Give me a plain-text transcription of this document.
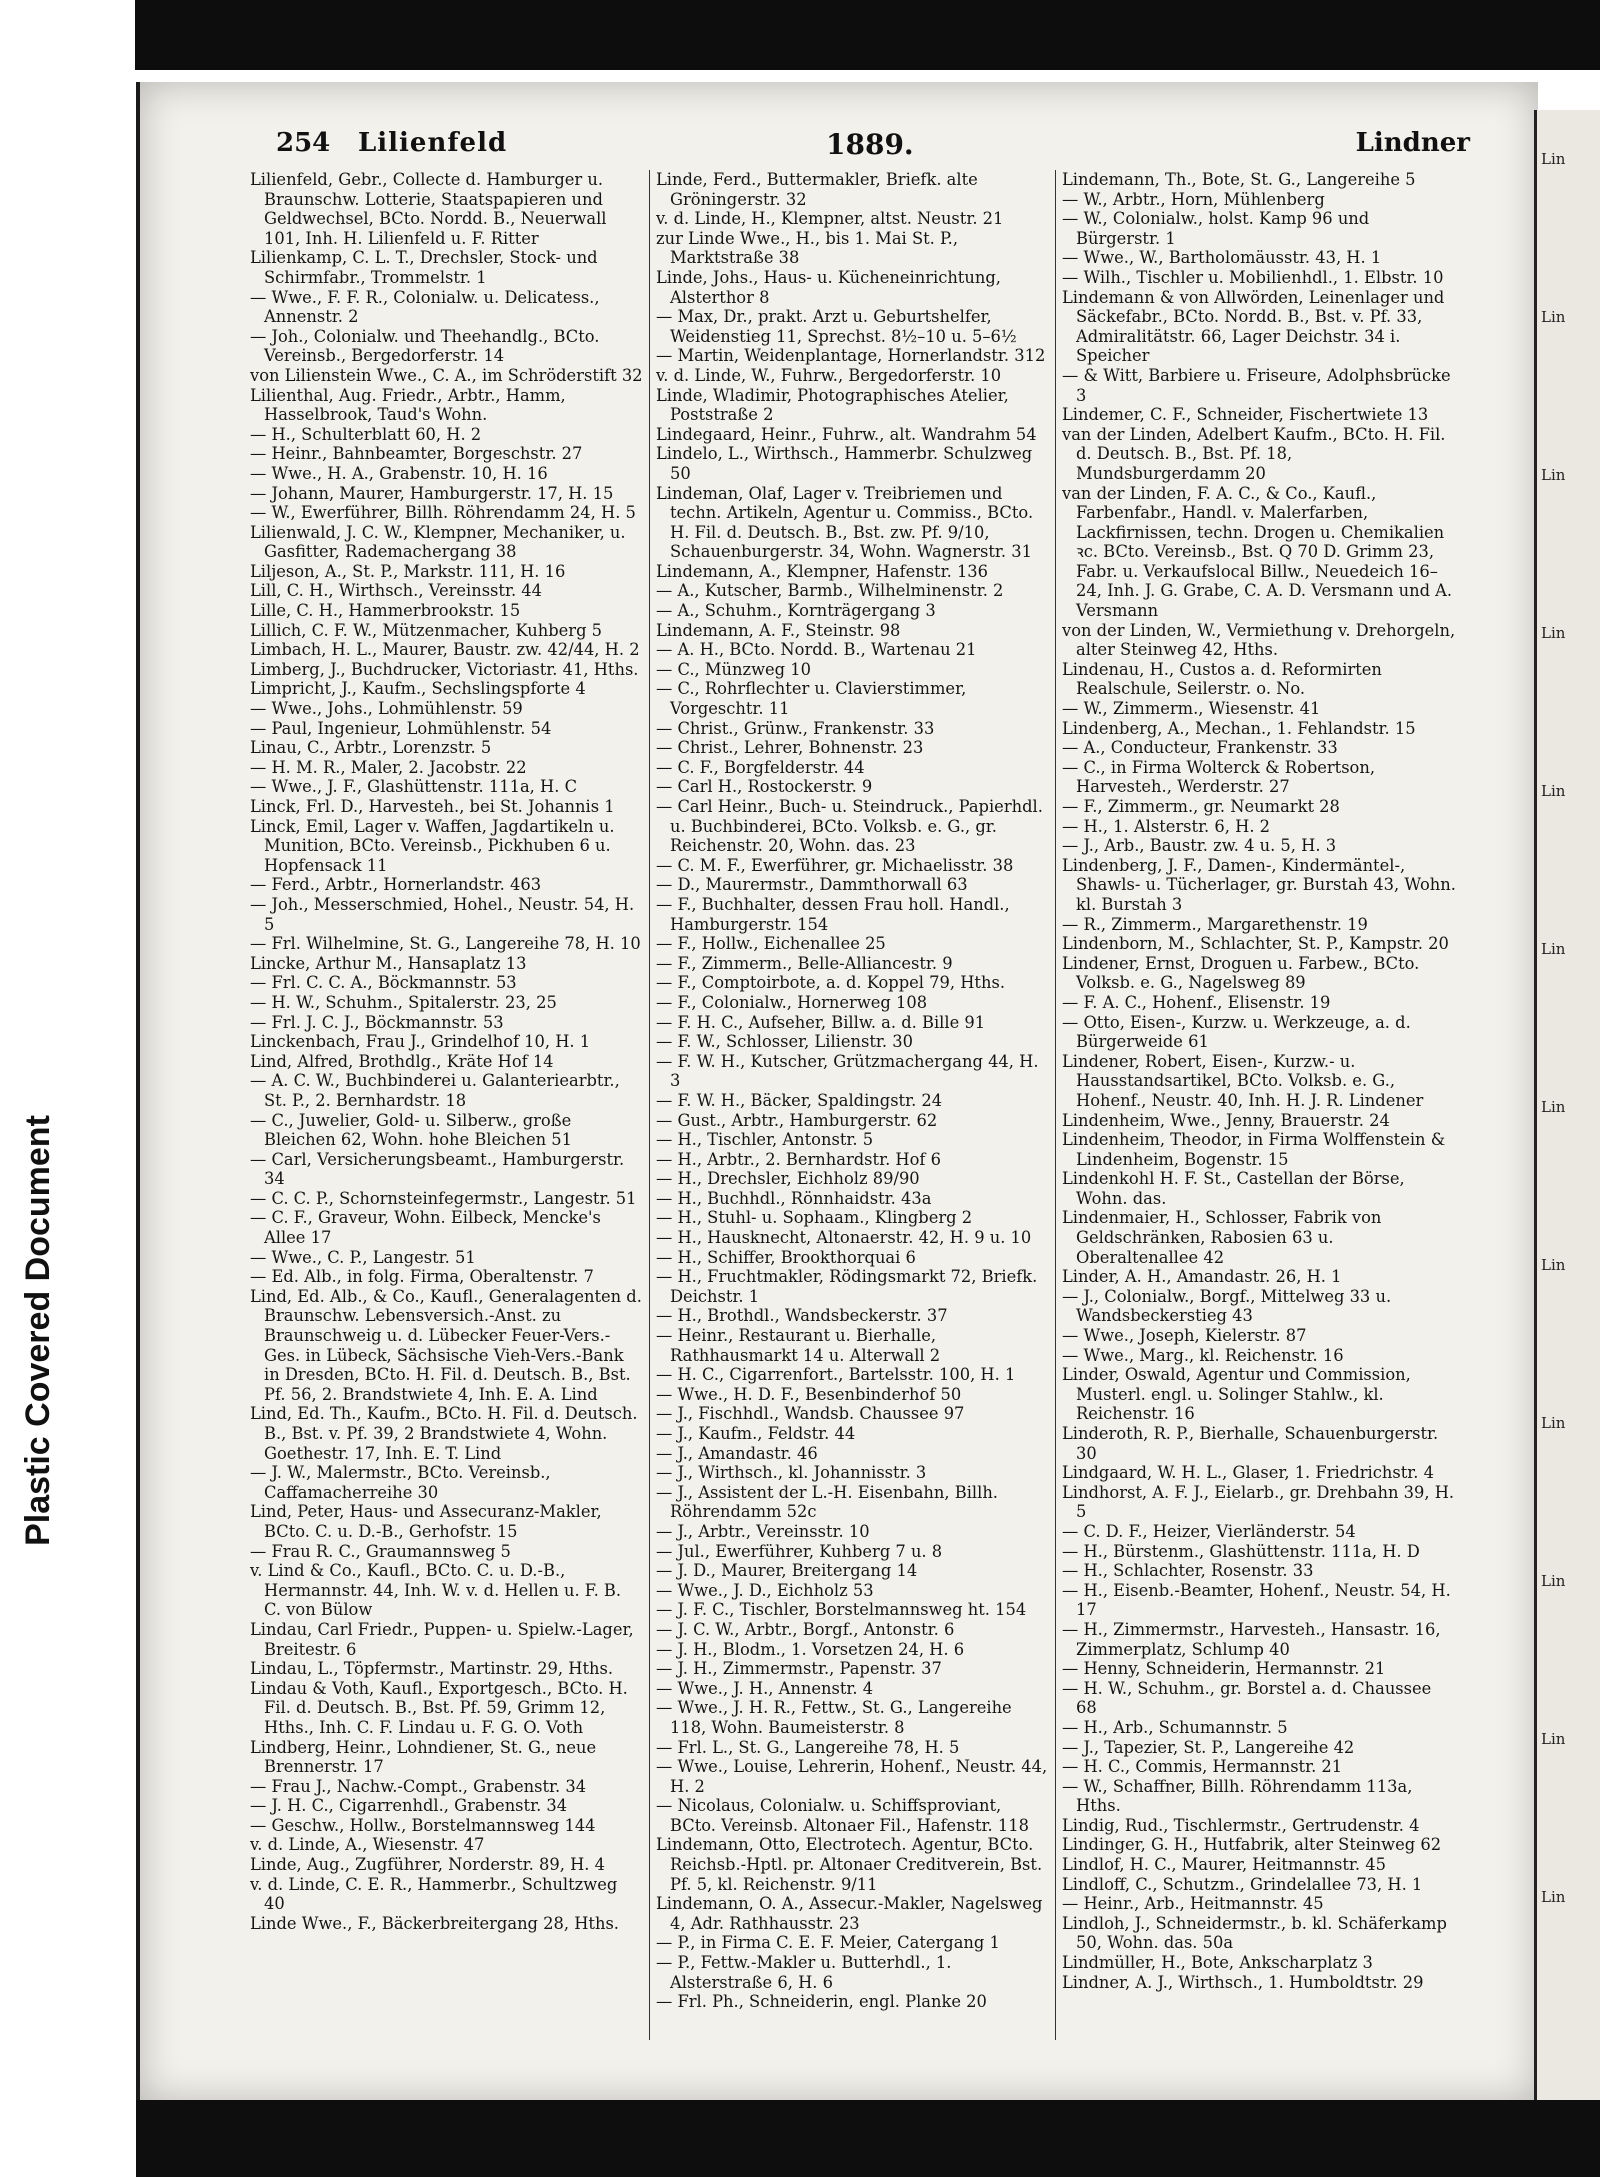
Plastic Covered Document
Lin
Lin
Lin
Lin
Lin
Lin
Lin
Lin
Lin
Lin
Lin
Lin
254 Lilienfeld	1889.	Lindner

Lilienfeld, Gebr., Collecte d. Hamburger u. Braunschw. Lotterie, Staatspapieren und Geldwechsel, BCto. Nordd. B., Neuerwall 101, Inh. H. Lilienfeld u. F. Ritter

Lilienkamp, C. L. T., Drechsler, Stock- und Schirmfabr., Trommelstr. 1

— Wwe., F. F. R., Colonialw. u. Delicatess., Annenstr. 2

— Joh., Colonialw. und Theehandlg., BCto. Vereinsb., Bergedorferstr. 14

von Lilienstein Wwe., C. A., im Schröderstift 32

Lilienthal, Aug. Friedr., Arbtr., Hamm, Hasselbrook, Taud's Wohn.

— H., Schulterblatt 60, H. 2

— Heinr., Bahnbeamter, Borgeschstr. 27

— Wwe., H. A., Grabenstr. 10, H. 16

— Johann, Maurer, Hamburgerstr. 17, H. 15

— W., Ewerführer, Billh. Röhrendamm 24, H. 5

Lilienwald, J. C. W., Klempner, Mechaniker, u. Gasfitter, Rademachergang 38

Liljeson, A., St. P., Markstr. 111, H. 16

Lill, C. H., Wirthsch., Vereinsstr. 44

Lille, C. H., Hammerbrookstr. 15

Lillich, C. F. W., Mützenmacher, Kuhberg 5

Limbach, H. L., Maurer, Baustr. zw. 42/44, H. 2

Limberg, J., Buchdrucker, Victoriastr. 41, Hths.

Limpricht, J., Kaufm., Sechslingspforte 4

— Wwe., Johs., Lohmühlenstr. 59

— Paul, Ingenieur, Lohmühlenstr. 54

Linau, C., Arbtr., Lorenzstr. 5

— H. M. R., Maler, 2. Jacobstr. 22

— Wwe., J. F., Glashüttenstr. 111a, H. C

Linck, Frl. D., Harvesteh., bei St. Johannis 1

Linck, Emil, Lager v. Waffen, Jagdartikeln u. Munition, BCto. Vereinsb., Pickhuben 6 u. Hopfensack 11

— Ferd., Arbtr., Hornerlandstr. 463

— Joh., Messerschmied, Hohel., Neustr. 54, H. 5

— Frl. Wilhelmine, St. G., Langereihe 78, H. 10

Lincke, Arthur M., Hansaplatz 13

— Frl. C. C. A., Böckmannstr. 53

— H. W., Schuhm., Spitalerstr. 23, 25

— Frl. J. C. J., Böckmannstr. 53

Linckenbach, Frau J., Grindelhof 10, H. 1

Lind, Alfred, Brothdlg., Kräte Hof 14

— A. C. W., Buchbinderei u. Galanteriearbtr., St. P., 2. Bernhardstr. 18

— C., Juwelier, Gold- u. Silberw., große Bleichen 62, Wohn. hohe Bleichen 51

— Carl, Versicherungsbeamt., Hamburgerstr. 34

— C. C. P., Schornsteinfegermstr., Langestr. 51

— C. F., Graveur, Wohn. Eilbeck, Mencke's Allee 17

— Wwe., C. P., Langestr. 51

— Ed. Alb., in folg. Firma, Oberaltenstr. 7

Lind, Ed. Alb., & Co., Kaufl., Generalagenten d. Braunschw. Lebensversich.-Anst. zu Braunschweig u. d. Lübecker Feuer-Vers.-Ges. in Lübeck, Sächsische Vieh-Vers.-Bank in Dresden, BCto. H. Fil. d. Deutsch. B., Bst. Pf. 56, 2. Brandstwiete 4, Inh. E. A. Lind

Lind, Ed. Th., Kaufm., BCto. H. Fil. d. Deutsch. B., Bst. v. Pf. 39, 2 Brandstwiete 4, Wohn. Goethestr. 17, Inh. E. T. Lind

— J. W., Malermstr., BCto. Vereinsb., Caffamacherreihe 30

Lind, Peter, Haus- und Assecuranz-Makler, BCto. C. u. D.-B., Gerhofstr. 15

— Frau R. C., Graumannsweg 5

v. Lind & Co., Kaufl., BCto. C. u. D.-B., Hermannstr. 44, Inh. W. v. d. Hellen u. F. B. C. von Bülow

Lindau, Carl Friedr., Puppen- u. Spielw.-Lager, Breitestr. 6

Lindau, L., Töpfermstr., Martinstr. 29, Hths.

Lindau & Voth, Kaufl., Exportgesch., BCto. H. Fil. d. Deutsch. B., Bst. Pf. 59, Grimm 12, Hths., Inh. C. F. Lindau u. F. G. O. Voth

Lindberg, Heinr., Lohndiener, St. G., neue Brennerstr. 17

— Frau J., Nachw.-Compt., Grabenstr. 34

— J. H. C., Cigarrenhdl., Grabenstr. 34

— Geschw., Hollw., Borstelmannsweg 144

v. d. Linde, A., Wiesenstr. 47

Linde, Aug., Zugführer, Norderstr. 89, H. 4

v. d. Linde, C. E. R., Hammerbr., Schultzweg 40

Linde Wwe., F., Bäckerbreitergang 28, Hths.

Linde, Ferd., Buttermakler, Briefk. alte Gröningerstr. 32

v. d. Linde, H., Klempner, altst. Neustr. 21

zur Linde Wwe., H., bis 1. Mai St. P., Marktstraße 38

Linde, Johs., Haus- u. Kücheneinrichtung, Alsterthor 8

— Max, Dr., prakt. Arzt u. Geburtshelfer, Weidenstieg 11, Sprechst. 8½–10 u. 5–6½

— Martin, Weidenplantage, Hornerlandstr. 312

v. d. Linde, W., Fuhrw., Bergedorferstr. 10

Linde, Wladimir, Photographisches Atelier, Poststraße 2

Lindegaard, Heinr., Fuhrw., alt. Wandrahm 54

Lindelo, L., Wirthsch., Hammerbr. Schulzweg 50

Lindeman, Olaf, Lager v. Treibriemen und techn. Artikeln, Agentur u. Commiss., BCto. H. Fil. d. Deutsch. B., Bst. zw. Pf. 9/10, Schauenburgerstr. 34, Wohn. Wagnerstr. 31

Lindemann, A., Klempner, Hafenstr. 136

— A., Kutscher, Barmb., Wilhelminenstr. 2

— A., Schuhm., Kornträgergang 3

Lindemann, A. F., Steinstr. 98

— A. H., BCto. Nordd. B., Wartenau 21

— C., Münzweg 10

— C., Rohrflechter u. Clavierstimmer, Vorgeschtr. 11

— Christ., Grünw., Frankenstr. 33

— Christ., Lehrer, Bohnenstr. 23

— C. F., Borgfelderstr. 44

— Carl H., Rostockerstr. 9

— Carl Heinr., Buch- u. Steindruck., Papierhdl. u. Buchbinderei, BCto. Volksb. e. G., gr. Reichenstr. 20, Wohn. das. 23

— C. M. F., Ewerführer, gr. Michaelisstr. 38

— D., Maurermstr., Dammthorwall 63

— F., Buchhalter, dessen Frau holl. Handl., Hamburgerstr. 154

— F., Hollw., Eichenallee 25

— F., Zimmerm., Belle-Alliancestr. 9

— F., Comptoirbote, a. d. Koppel 79, Hths.

— F., Colonialw., Hornerweg 108

— F. H. C., Aufseher, Billw. a. d. Bille 91

— F. W., Schlosser, Lilienstr. 30

— F. W. H., Kutscher, Grützmachergang 44, H. 3

— F. W. H., Bäcker, Spaldingstr. 24

— Gust., Arbtr., Hamburgerstr. 62

— H., Tischler, Antonstr. 5

— H., Arbtr., 2. Bernhardstr. Hof 6

— H., Drechsler, Eichholz 89/90

— H., Buchhdl., Rönnhaidstr. 43a

— H., Stuhl- u. Sophaam., Klingberg 2

— H., Hausknecht, Altonaerstr. 42, H. 9 u. 10

— H., Schiffer, Brookthorquai 6

— H., Fruchtmakler, Rödingsmarkt 72, Briefk. Deichstr. 1

— H., Brothdl., Wandsbeckerstr. 37

— Heinr., Restaurant u. Bierhalle, Rathhausmarkt 14 u. Alterwall 2

— H. C., Cigarrenfort., Bartelsstr. 100, H. 1

— Wwe., H. D. F., Besenbinderhof 50

— J., Fischhdl., Wandsb. Chaussee 97

— J., Kaufm., Feldstr. 44

— J., Amandastr. 46

— J., Wirthsch., kl. Johannisstr. 3

— J., Assistent der L.-H. Eisenbahn, Billh. Röhrendamm 52c

— J., Arbtr., Vereinsstr. 10

— Jul., Ewerführer, Kuhberg 7 u. 8

— J. D., Maurer, Breitergang 14

— Wwe., J. D., Eichholz 53

— J. F. C., Tischler, Borstelmannsweg ht. 154

— J. C. W., Arbtr., Borgf., Antonstr. 6

— J. H., Blodm., 1. Vorsetzen 24, H. 6

— J. H., Zimmermstr., Papenstr. 37

— Wwe., J. H., Annenstr. 4

— Wwe., J. H. R., Fettw., St. G., Langereihe 118, Wohn. Baumeisterstr. 8

— Frl. L., St. G., Langereihe 78, H. 5

— Wwe., Louise, Lehrerin, Hohenf., Neustr. 44, H. 2

— Nicolaus, Colonialw. u. Schiffsproviant, BCto. Vereinsb. Altonaer Fil., Hafenstr. 118

Lindemann, Otto, Electrotech. Agentur, BCto. Reichsb.-Hptl. pr. Altonaer Creditverein, Bst. Pf. 5, kl. Reichenstr. 9/11

Lindemann, O. A., Assecur.-Makler, Nagelsweg 4, Adr. Rathhausstr. 23

— P., in Firma C. E. F. Meier, Catergang 1

— P., Fettw.-Makler u. Butterhdl., 1. Alsterstraße 6, H. 6

— Frl. Ph., Schneiderin, engl. Planke 20

Lindemann, Th., Bote, St. G., Langereihe 5

— W., Arbtr., Horn, Mühlenberg

— W., Colonialw., holst. Kamp 96 und Bürgerstr. 1

— Wwe., W., Bartholomäusstr. 43, H. 1

— Wilh., Tischler u. Mobilienhdl., 1. Elbstr. 10

Lindemann & von Allwörden, Leinenlager und Säckefabr., BCto. Nordd. B., Bst. v. Pf. 33, Admiralitätstr. 66, Lager Deichstr. 34 i. Speicher

— & Witt, Barbiere u. Friseure, Adolphsbrücke 3

Lindemer, C. F., Schneider, Fischertwiete 13

van der Linden, Adelbert Kaufm., BCto. H. Fil. d. Deutsch. B., Bst. Pf. 18, Mundsburgerdamm 20

van der Linden, F. A. C., & Co., Kaufl., Farbenfabr., Handl. v. Malerfarben, Lackfirnissen, techn. Drogen u. Chemikalien ꝛc. BCto. Vereinsb., Bst. Q 70 D. Grimm 23, Fabr. u. Verkaufslocal Billw., Neuedeich 16–24, Inh. J. G. Grabe, C. A. D. Versmann und A. Versmann

von der Linden, W., Vermiethung v. Drehorgeln, alter Steinweg 42, Hths.

Lindenau, H., Custos a. d. Reformirten Realschule, Seilerstr. o. No.

— W., Zimmerm., Wiesenstr. 41

Lindenberg, A., Mechan., 1. Fehlandstr. 15

— A., Conducteur, Frankenstr. 33

— C., in Firma Wolterck & Robertson, Harvesteh., Werderstr. 27

— F., Zimmerm., gr. Neumarkt 28

— H., 1. Alsterstr. 6, H. 2

— J., Arb., Baustr. zw. 4 u. 5, H. 3

Lindenberg, J. F., Damen-, Kindermäntel-, Shawls- u. Tücherlager, gr. Burstah 43, Wohn. kl. Burstah 3

— R., Zimmerm., Margarethenstr. 19

Lindenborn, M., Schlachter, St. P., Kampstr. 20

Lindener, Ernst, Droguen u. Farbew., BCto. Volksb. e. G., Nagelsweg 89

— F. A. C., Hohenf., Elisenstr. 19

— Otto, Eisen-, Kurzw. u. Werkzeuge, a. d. Bürgerweide 61

Lindener, Robert, Eisen-, Kurzw.- u. Hausstandsartikel, BCto. Volksb. e. G., Hohenf., Neustr. 40, Inh. H. J. R. Lindener

Lindenheim, Wwe., Jenny, Brauerstr. 24

Lindenheim, Theodor, in Firma Wolffenstein & Lindenheim, Bogenstr. 15

Lindenkohl H. F. St., Castellan der Börse, Wohn. das.

Lindenmaier, H., Schlosser, Fabrik von Geldschränken, Rabosien 63 u. Oberaltenallee 42

Linder, A. H., Amandastr. 26, H. 1

— J., Colonialw., Borgf., Mittelweg 33 u. Wandsbeckerstieg 43

— Wwe., Joseph, Kielerstr. 87

— Wwe., Marg., kl. Reichenstr. 16

Linder, Oswald, Agentur und Commission, Musterl. engl. u. Solinger Stahlw., kl. Reichenstr. 16

Linderoth, R. P., Bierhalle, Schauenburgerstr. 30

Lindgaard, W. H. L., Glaser, 1. Friedrichstr. 4

Lindhorst, A. F. J., Eielarb., gr. Drehbahn 39, H. 5

— C. D. F., Heizer, Vierländerstr. 54

— H., Bürstenm., Glashüttenstr. 111a, H. D

— H., Schlachter, Rosenstr. 33

— H., Eisenb.-Beamter, Hohenf., Neustr. 54, H. 17

— H., Zimmermstr., Harvesteh., Hansastr. 16, Zimmerplatz, Schlump 40

— Henny, Schneiderin, Hermannstr. 21

— H. W., Schuhm., gr. Borstel a. d. Chaussee 68

— H., Arb., Schumannstr. 5

— J., Tapezier, St. P., Langereihe 42

— H. C., Commis, Hermannstr. 21

— W., Schaffner, Billh. Röhrendamm 113a, Hths.

Lindig, Rud., Tischlermstr., Gertrudenstr. 4

Lindinger, G. H., Hutfabrik, alter Steinweg 62

Lindlof, H. C., Maurer, Heitmannstr. 45

Lindloff, C., Schutzm., Grindelallee 73, H. 1

— Heinr., Arb., Heitmannstr. 45

Lindloh, J., Schneidermstr., b. kl. Schäferkamp 50, Wohn. das. 50a

Lindmüller, H., Bote, Ankscharplatz 3

Lindner, A. J., Wirthsch., 1. Humboldtstr. 29
